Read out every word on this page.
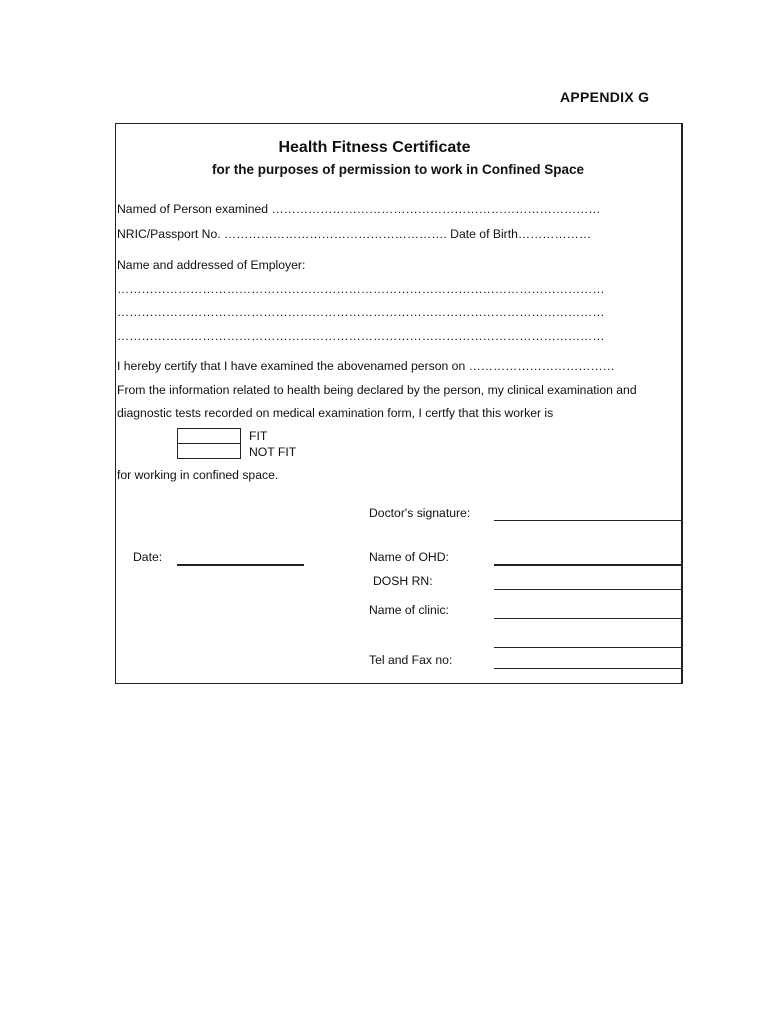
APPENDIX G
Health Fitness Certificate
for the purposes of permission to work in Confined Space
Named of Person examined ………………………………………………………………………
NRIC/Passport No. ………………………………………………. Date of Birth………………
Name and addressed of Employer:
…………………………………………………………………………………………………………
…………………………………………………………………………………………………………
…………………………………………………………………………………………………………
I hereby certify that I have examined the abovenamed person on ………………………………
From the information related to health being declared by the person, my clinical examination and
diagnostic tests recorded on medical examination form, I certfy that this worker is
FIT
NOT FIT
for working in confined space.
Doctor's signature:
Date:	Name of OHD:
DOSH RN:
Name of clinic:
Tel and Fax no:
